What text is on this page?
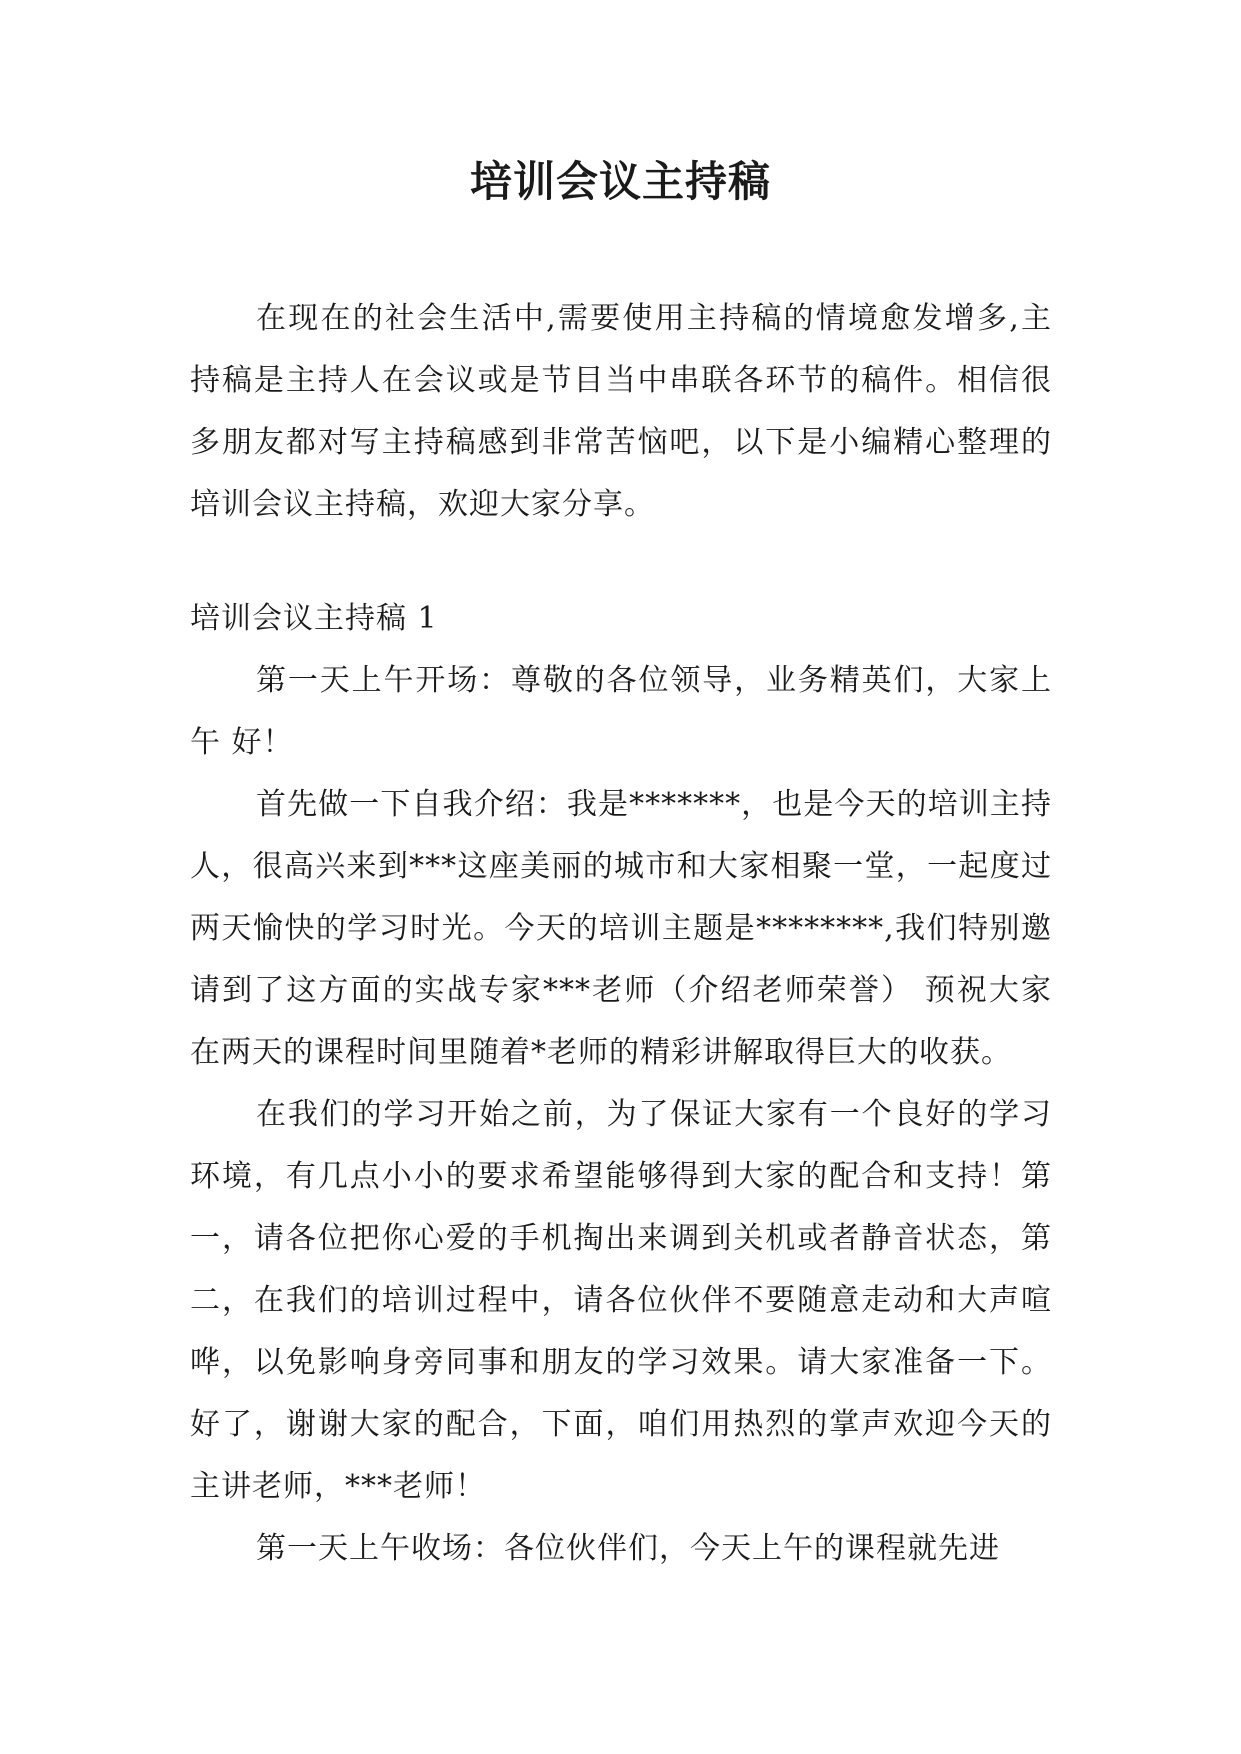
培训会议主持稿

在现在的社会生活中,需要使用主持稿的情境愈发增多,主持稿是主持人在会议或是节目当中串联各环节的稿件。相信很多朋友都对写主持稿感到非常苦恼吧，以下是小编精心整理的培训会议主持稿，欢迎大家分享。

培训会议主持稿 1

第一天上午开场：尊敬的各位领导，业务精英们，大家上午 好！

首先做一下自我介绍：我是*******，也是今天的培训主持人，很高兴来到***这座美丽的城市和大家相聚一堂，一起度过两天愉快的学习时光。今天的培训主题是********,我们特别邀请到了这方面的实战专家***老师（介绍老师荣誉） 预祝大家在两天的课程时间里随着*老师的精彩讲解取得巨大的收获。

在我们的学习开始之前，为了保证大家有一个良好的学习环境，有几点小小的要求希望能够得到大家的配合和支持！第一，请各位把你心爱的手机掏出来调到关机或者静音状态，第二，在我们的培训过程中，请各位伙伴不要随意走动和大声喧哗，以免影响身旁同事和朋友的学习效果。请大家准备一下。好了，谢谢大家的配合，下面，咱们用热烈的掌声欢迎今天的主讲老师，***老师！

第一天上午收场：各位伙伴们，今天上午的课程就先进
